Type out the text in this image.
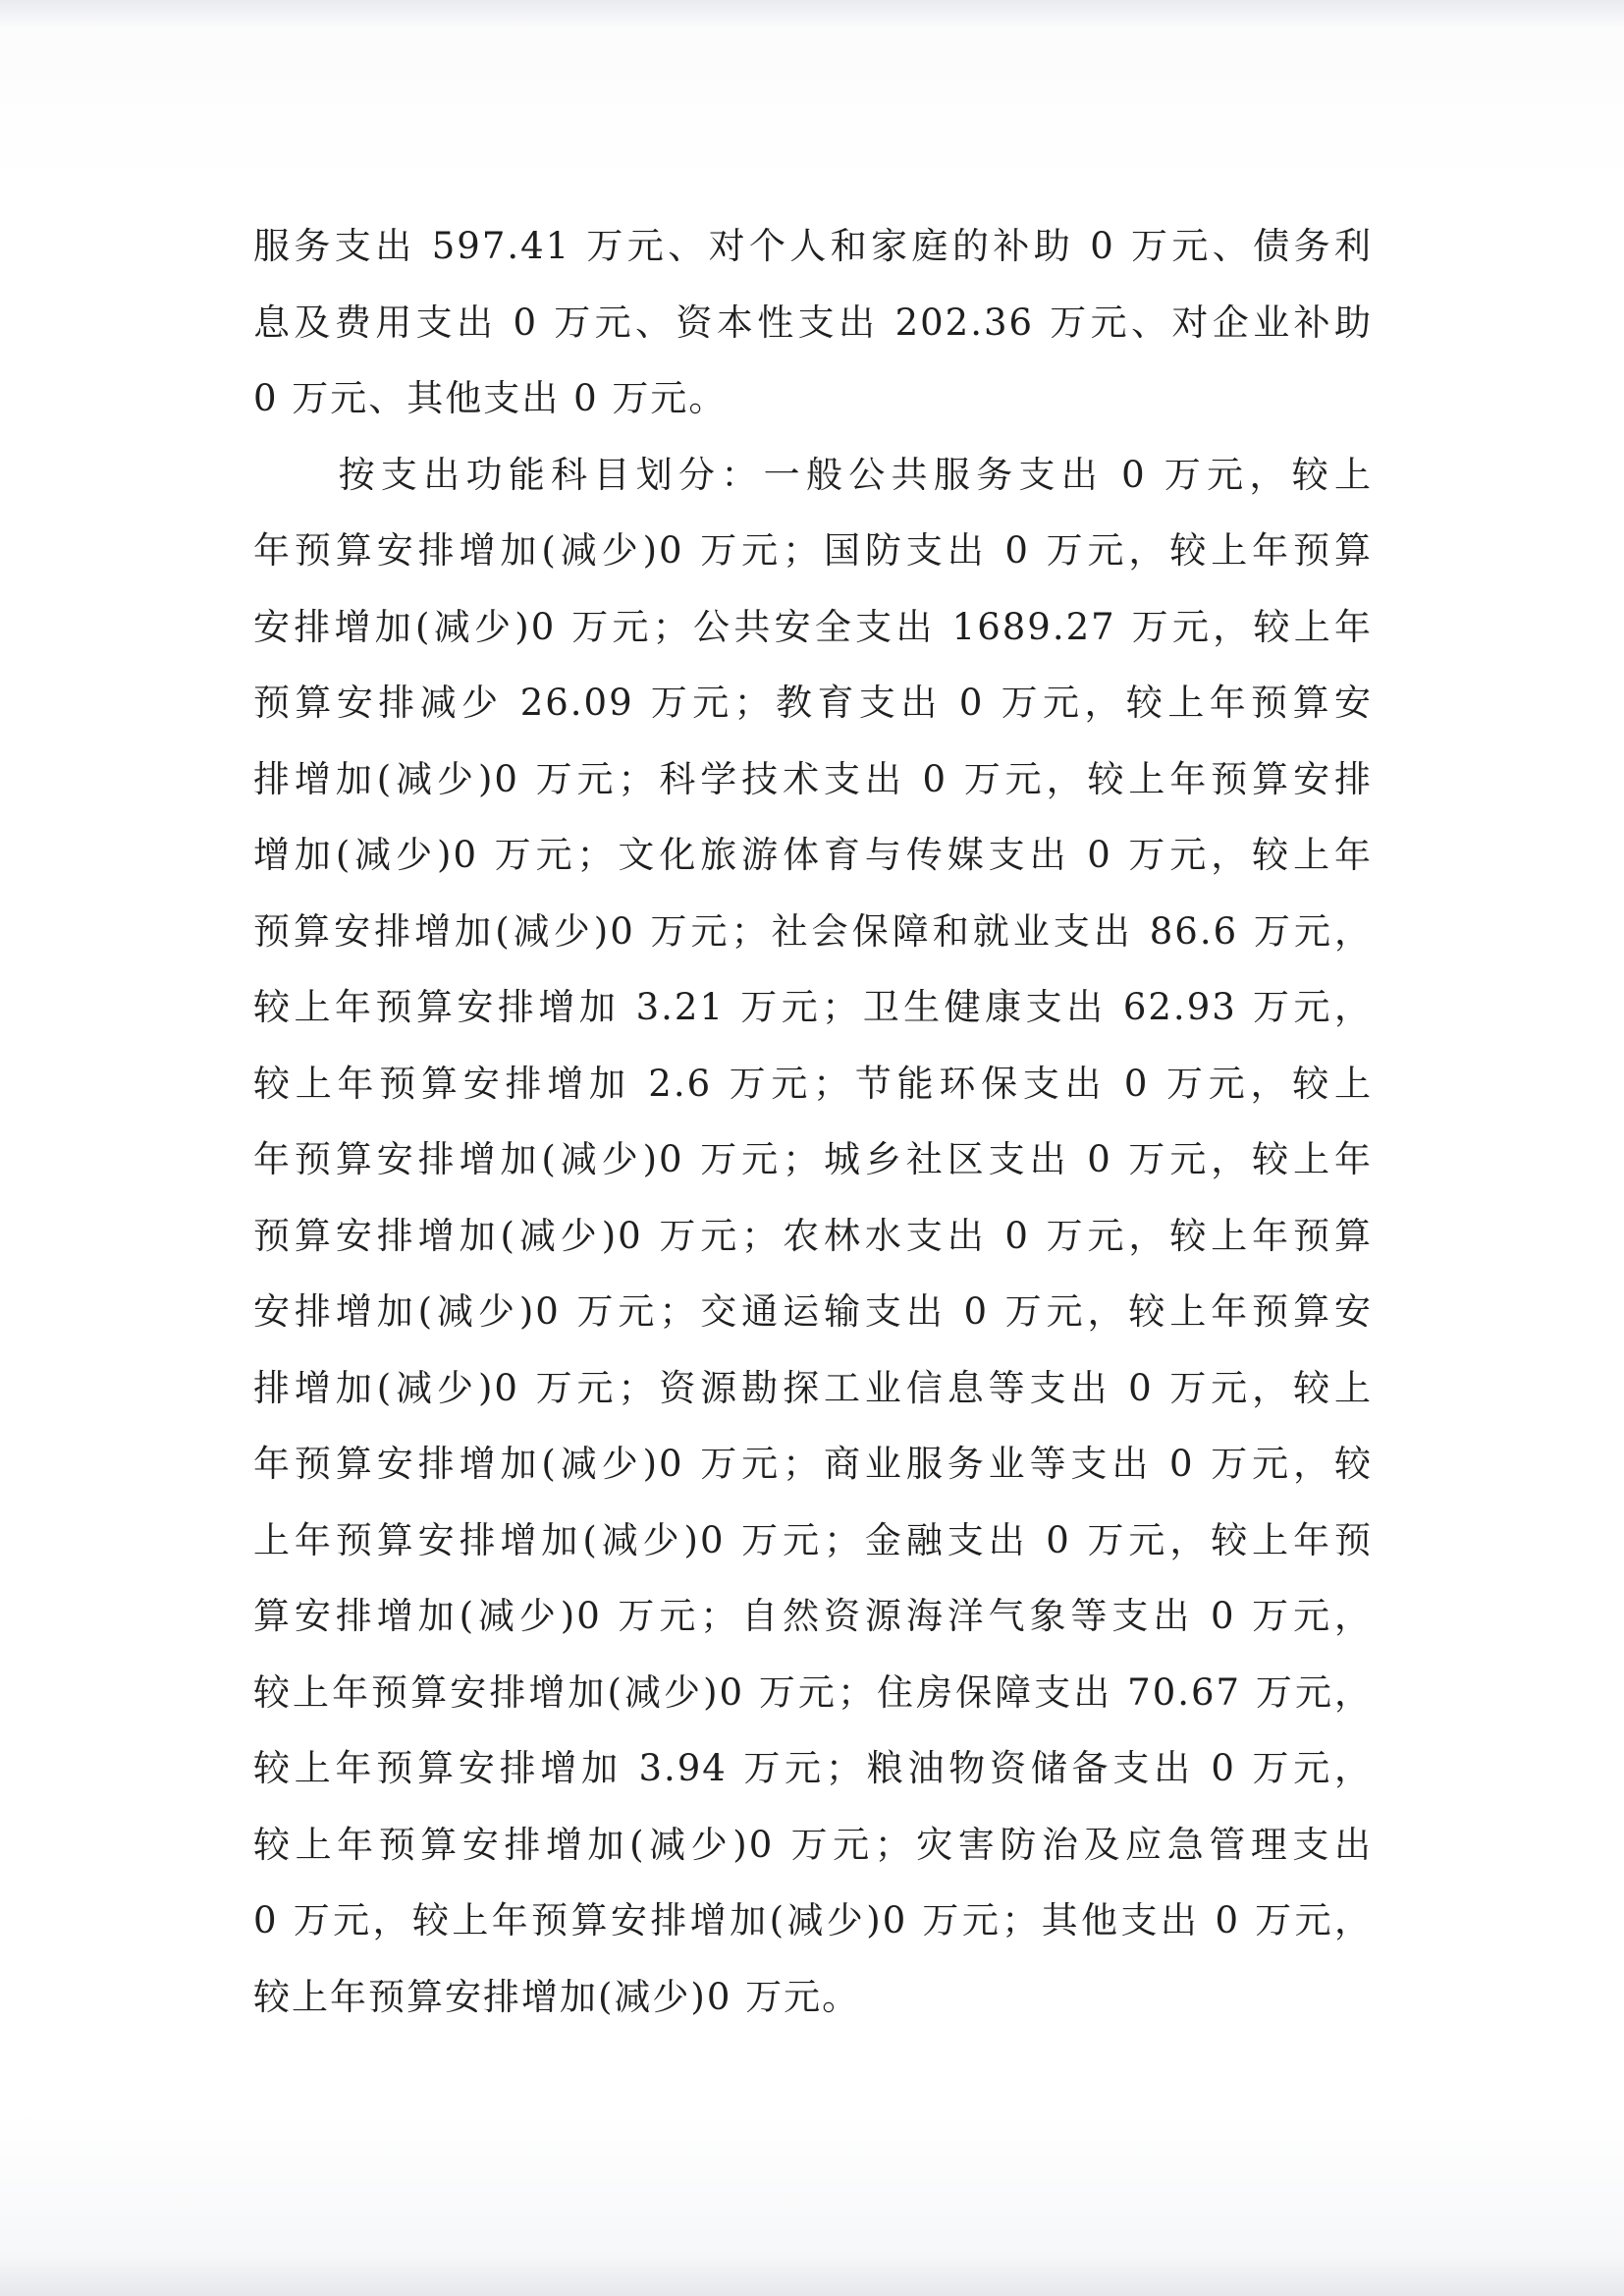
服务支出 597.41 万元、对个人和家庭的补助 0 万元、债务利
息及费用支出 0 万元、资本性支出 202.36 万元、对企业补助
0 万元、其他支出 0 万元。
　　按支出功能科目划分：一般公共服务支出 0 万元，较上
年预算安排增加(减少)0 万元；国防支出 0 万元，较上年预算
安排增加(减少)0 万元；公共安全支出 1689.27 万元，较上年
预算安排减少 26.09 万元；教育支出 0 万元，较上年预算安
排增加(减少)0 万元；科学技术支出 0 万元，较上年预算安排
增加(减少)0 万元；文化旅游体育与传媒支出 0 万元，较上年
预算安排增加(减少)0 万元；社会保障和就业支出 86.6 万元，
较上年预算安排增加 3.21 万元；卫生健康支出 62.93 万元，
较上年预算安排增加 2.6 万元；节能环保支出 0 万元，较上
年预算安排增加(减少)0 万元；城乡社区支出 0 万元，较上年
预算安排增加(减少)0 万元；农林水支出 0 万元，较上年预算
安排增加(减少)0 万元；交通运输支出 0 万元，较上年预算安
排增加(减少)0 万元；资源勘探工业信息等支出 0 万元，较上
年预算安排增加(减少)0 万元；商业服务业等支出 0 万元，较
上年预算安排增加(减少)0 万元；金融支出 0 万元，较上年预
算安排增加(减少)0 万元；自然资源海洋气象等支出 0 万元，
较上年预算安排增加(减少)0 万元；住房保障支出 70.67 万元，
较上年预算安排增加 3.94 万元；粮油物资储备支出 0 万元，
较上年预算安排增加(减少)0 万元；灾害防治及应急管理支出
0 万元，较上年预算安排增加(减少)0 万元；其他支出 0 万元，
较上年预算安排增加(减少)0 万元。
